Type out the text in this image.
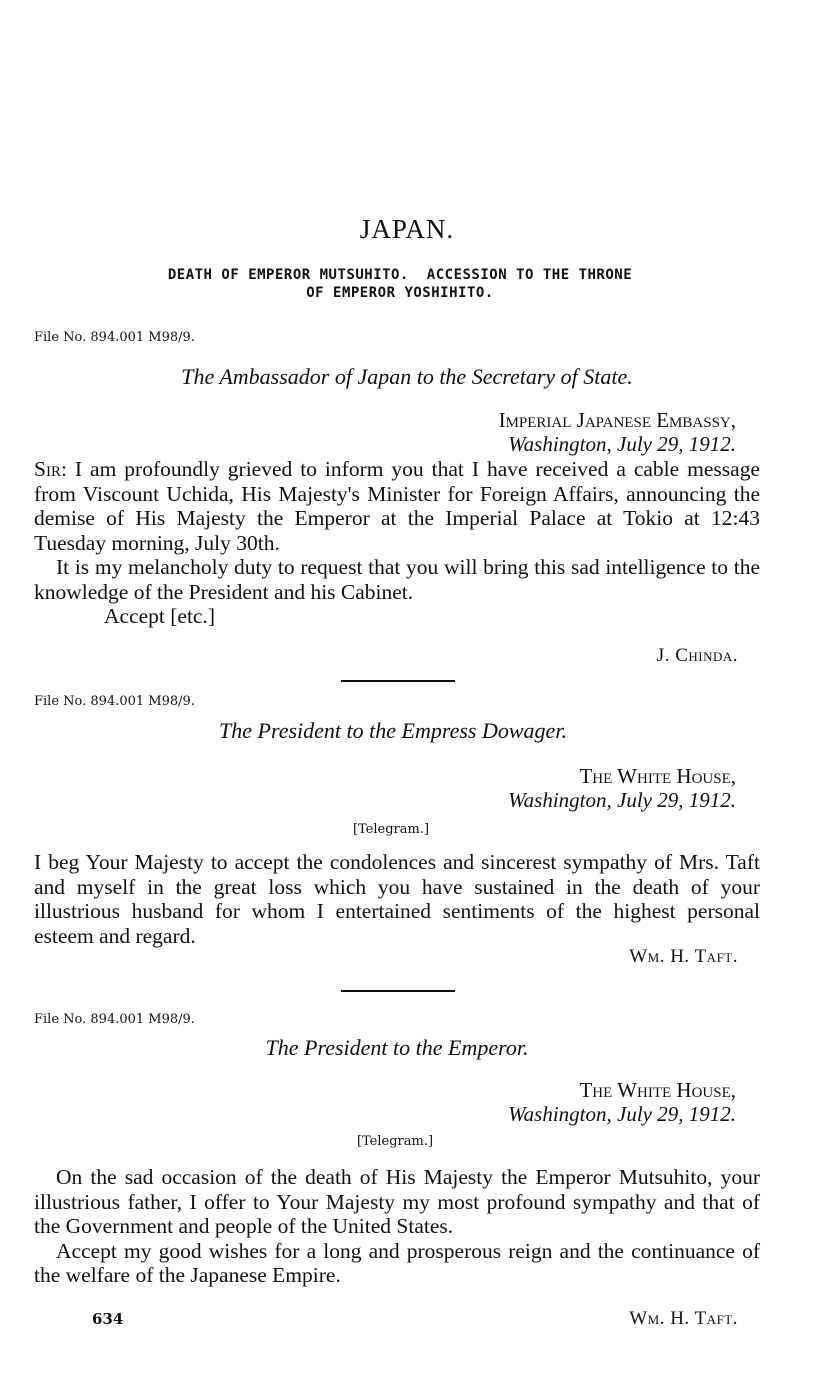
JAPAN.
DEATH OF EMPEROR MUTSUHITO.  ACCESSION TO THE THRONE
OF EMPEROR YOSHIHITO.
File No. 894.001 M98/9.
The Ambassador of Japan to the Secretary of State.
Imperial Japanese Embassy,
Washington, July 29, 1912.

Sir: I am profoundly grieved to inform you that I have received a cable message from Viscount Uchida, His Majesty's Minister for Foreign Affairs, announcing the demise of His Majesty the Emperor at the Imperial Palace at Tokio at 12:43 Tuesday morning, July 30th.

It is my melancholy duty to request that you will bring this sad intelligence to the knowledge of the President and his Cabinet.

Accept [etc.]

J. Chinda.
File No. 894.001 M98/9.
The President to the Empress Dowager.
The White House,
Washington, July 29, 1912.
[Telegram.]

I beg Your Majesty to accept the condolences and sincerest sympathy of Mrs. Taft and myself in the great loss which you have sustained in the death of your illustrious husband for whom I entertained sentiments of the highest personal esteem and regard.

Wm. H. Taft.
File No. 894.001 M98/9.
The President to the Emperor.
The White House,
Washington, July 29, 1912.
[Telegram.]

On the sad occasion of the death of His Majesty the Emperor Mutsuhito, your illustrious father, I offer to Your Majesty my most profound sympathy and that of the Government and people of the United States.

Accept my good wishes for a long and prosperous reign and the continuance of the welfare of the Japanese Empire.

Wm. H. Taft.
634
